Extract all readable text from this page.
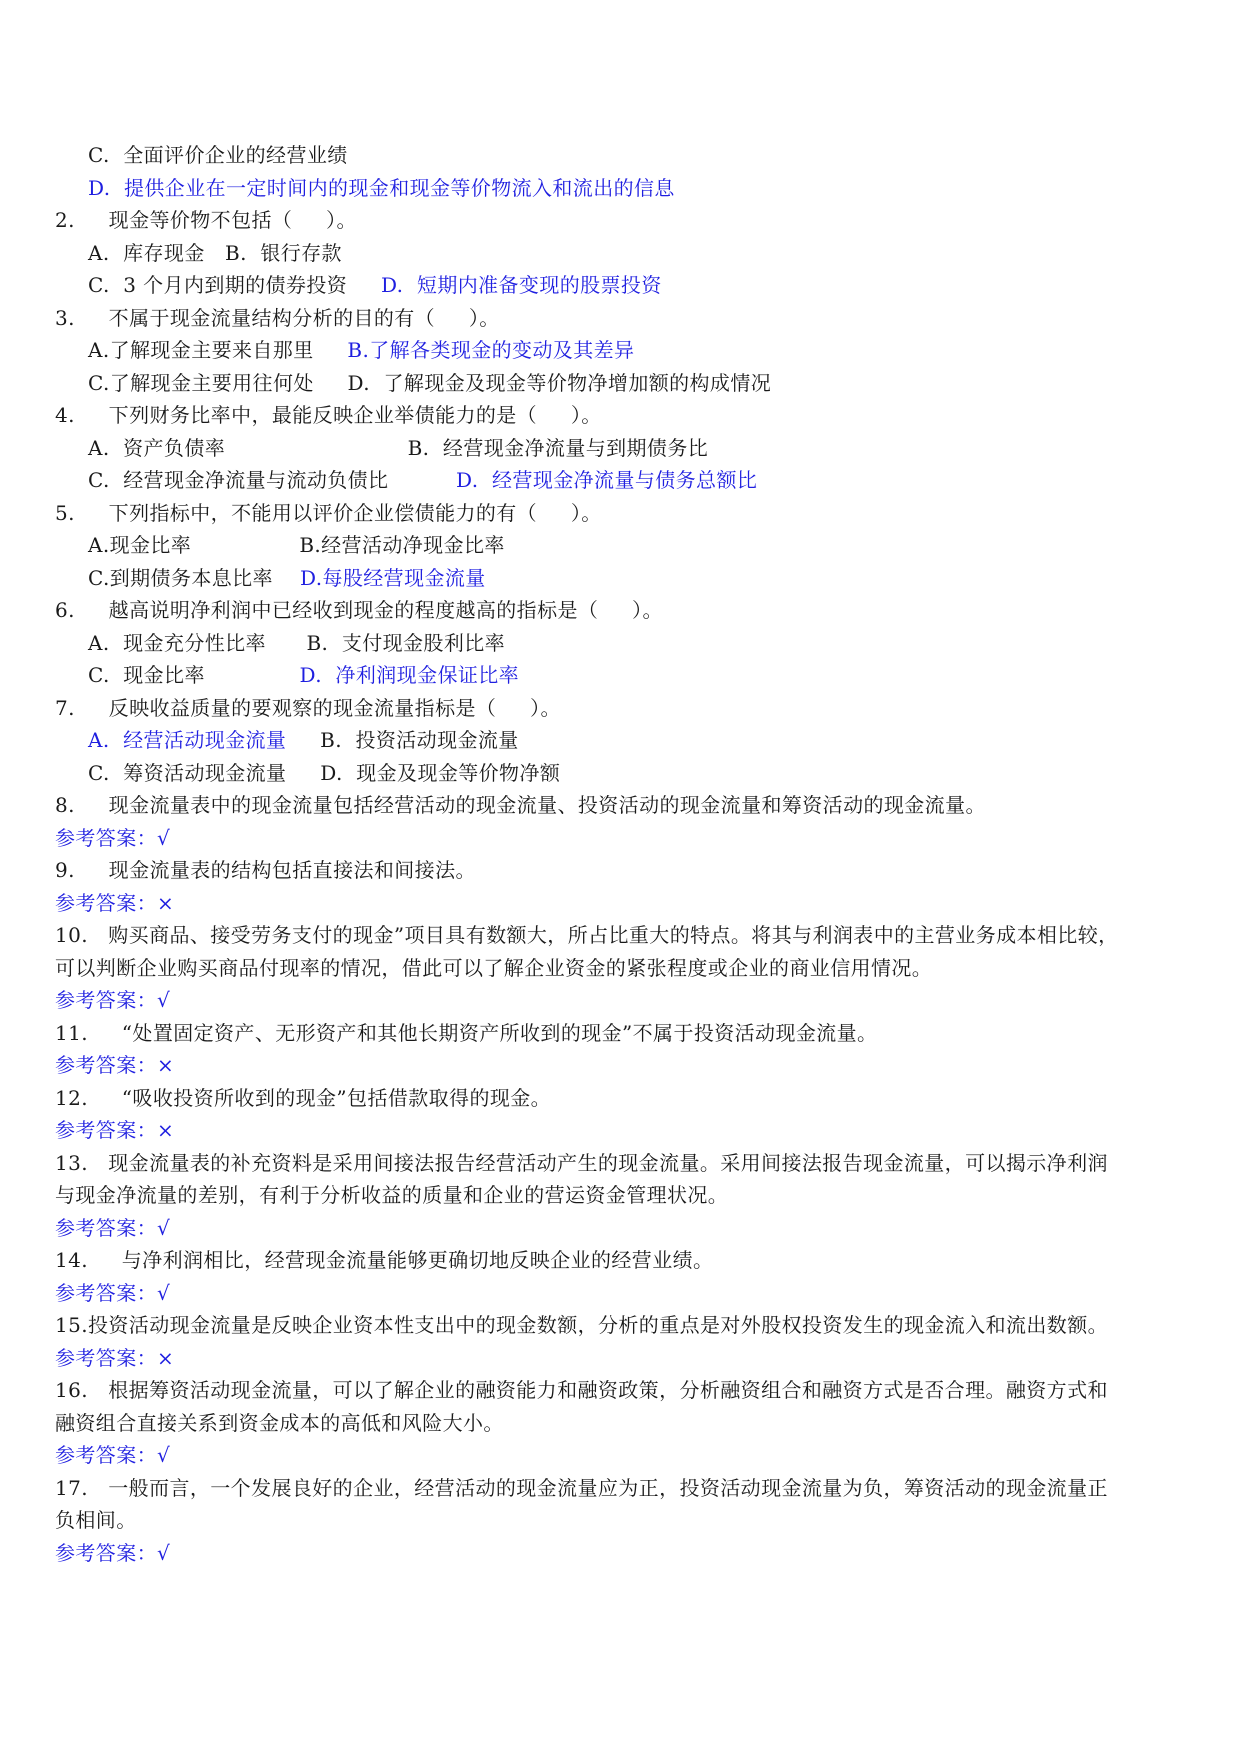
C.  全面评价企业的经营业绩
D.  提供企业在一定时间内的现金和现金等价物流入和流出的信息
2.     现金等价物不包括（     ）。
A.  库存现金   B.  银行存款
C.  3 个月内到期的债券投资     D.  短期内准备变现的股票投资
3.     不属于现金流量结构分析的目的有（     ）。
A.了解现金主要来自那里     B.了解各类现金的变动及其差异
C.了解现金主要用往何处     D.  了解现金及现金等价物净增加额的构成情况
4.     下列财务比率中，最能反映企业举债能力的是（     ）。
A.  资产负债率                           B.  经营现金净流量与到期债务比
C.  经营现金净流量与流动负债比          D.  经营现金净流量与债务总额比
5.     下列指标中，不能用以评价企业偿债能力的有（     ）。
A.现金比率                B.经营活动净现金比率
C.到期债务本息比率    D.每股经营现金流量
6.     越高说明净利润中已经收到现金的程度越高的指标是（     ）。
A.  现金充分性比率      B.  支付现金股利比率
C.  现金比率              D.  净利润现金保证比率
7.     反映收益质量的要观察的现金流量指标是（     ）。
A.  经营活动现金流量     B.  投资活动现金流量
C.  筹资活动现金流量     D.  现金及现金等价物净额
8.     现金流量表中的现金流量包括经营活动的现金流量、投资活动的现金流量和筹资活动的现金流量。
参考答案：√
9.     现金流量表的结构包括直接法和间接法。
参考答案：×
10.   购买商品、接受劳务支付的现金”项目具有数额大，所占比重大的特点。将其与利润表中的主营业务成本相比较，
可以判断企业购买商品付现率的情况，借此可以了解企业资金的紧张程度或企业的商业信用情况。
参考答案：√
11.     “处置固定资产、无形资产和其他长期资产所收到的现金”不属于投资活动现金流量。
参考答案：×
12.     “吸收投资所收到的现金”包括借款取得的现金。
参考答案：×
13.   现金流量表的补充资料是采用间接法报告经营活动产生的现金流量。采用间接法报告现金流量，可以揭示净利润
与现金净流量的差别，有利于分析收益的质量和企业的营运资金管理状况。
参考答案：√
14.     与净利润相比，经营现金流量能够更确切地反映企业的经营业绩。
参考答案：√
15.投资活动现金流量是反映企业资本性支出中的现金数额，分析的重点是对外股权投资发生的现金流入和流出数额。
参考答案：×
16.   根据筹资活动现金流量，可以了解企业的融资能力和融资政策，分析融资组合和融资方式是否合理。融资方式和
融资组合直接关系到资金成本的高低和风险大小。
参考答案：√
17.   一般而言，一个发展良好的企业，经营活动的现金流量应为正，投资活动现金流量为负，筹资活动的现金流量正
负相间。
参考答案：√
